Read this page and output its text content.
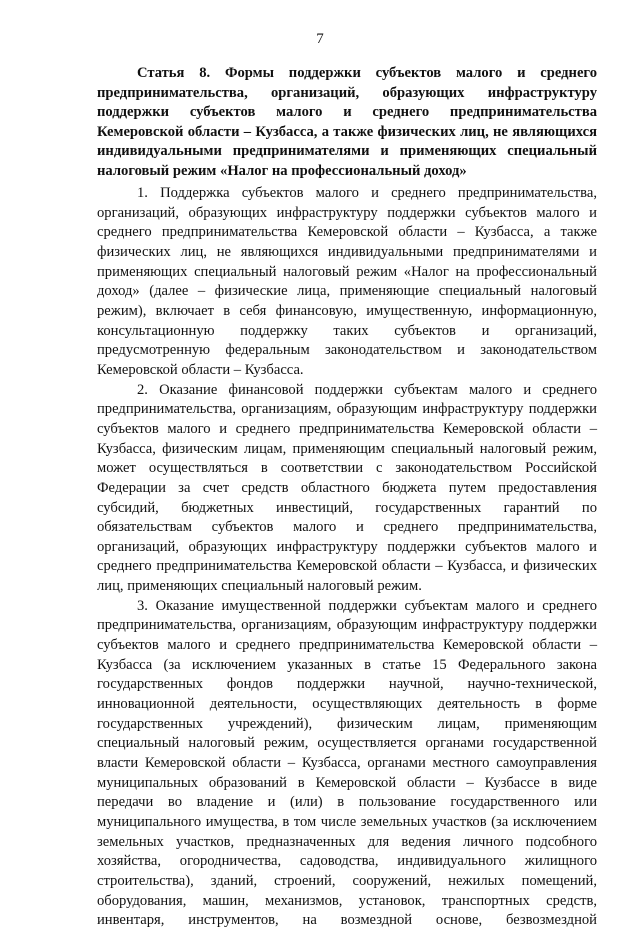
7
Статья 8. Формы поддержки субъектов малого и среднего предпринимательства, организаций, образующих инфраструктуру поддержки субъектов малого и среднего предпринимательства Кемеровской области – Кузбасса, а также физических лиц, не являющихся индивидуальными предпринимателями и применяющих специальный налоговый режим «Налог на профессиональный доход»

1. Поддержка субъектов малого и среднего предпринимательства, организаций, образующих инфраструктуру поддержки субъектов малого и среднего предпринимательства Кемеровской области – Кузбасса, а также физических лиц, не являющихся индивидуальными предпринимателями и применяющих специальный налоговый режим «Налог на профессиональный доход» (далее – физические лица, применяющие специальный налоговый режим), включает в себя финансовую, имущественную, информационную, консультационную поддержку таких субъектов и организаций, предусмотренную федеральным законодательством и законодательством Кемеровской области – Кузбасса.

2. Оказание финансовой поддержки субъектам малого и среднего предпринимательства, организациям, образующим инфраструктуру поддержки субъектов малого и среднего предпринимательства Кемеровской области – Кузбасса, физическим лицам, применяющим специальный налоговый режим, может осуществляться в соответствии с законодательством Российской Федерации за счет средств областного бюджета путем предоставления субсидий, бюджетных инвестиций, государственных гарантий по обязательствам субъектов малого и среднего предпринимательства, организаций, образующих инфраструктуру поддержки субъектов малого и среднего предпринимательства Кемеровской области – Кузбасса, и физических лиц, применяющих специальный налоговый режим.

3. Оказание имущественной поддержки субъектам малого и среднего предпринимательства, организациям, образующим инфраструктуру поддержки субъектов малого и среднего предпринимательства Кемеровской области – Кузбасса (за исключением указанных в статье 15 Федерального закона государственных фондов поддержки научной, научно-технической, инновационной деятельности, осуществляющих деятельность в форме государственных учреждений), физическим лицам, применяющим специальный налоговый режим, осуществляется органами государственной власти Кемеровской области – Кузбасса, органами местного самоуправления муниципальных образований в Кемеровской области – Кузбассе в виде передачи во владение и (или) в пользование государственного или муниципального имущества, в том числе земельных участков (за исключением земельных участков, предназначенных для ведения личного подсобного хозяйства, огородничества, садоводства, индивидуального жилищного строительства), зданий, строений, сооружений, нежилых помещений, оборудования, машин, механизмов, установок, транспортных средств, инвентаря, инструментов, на возмездной основе, безвозмездной
